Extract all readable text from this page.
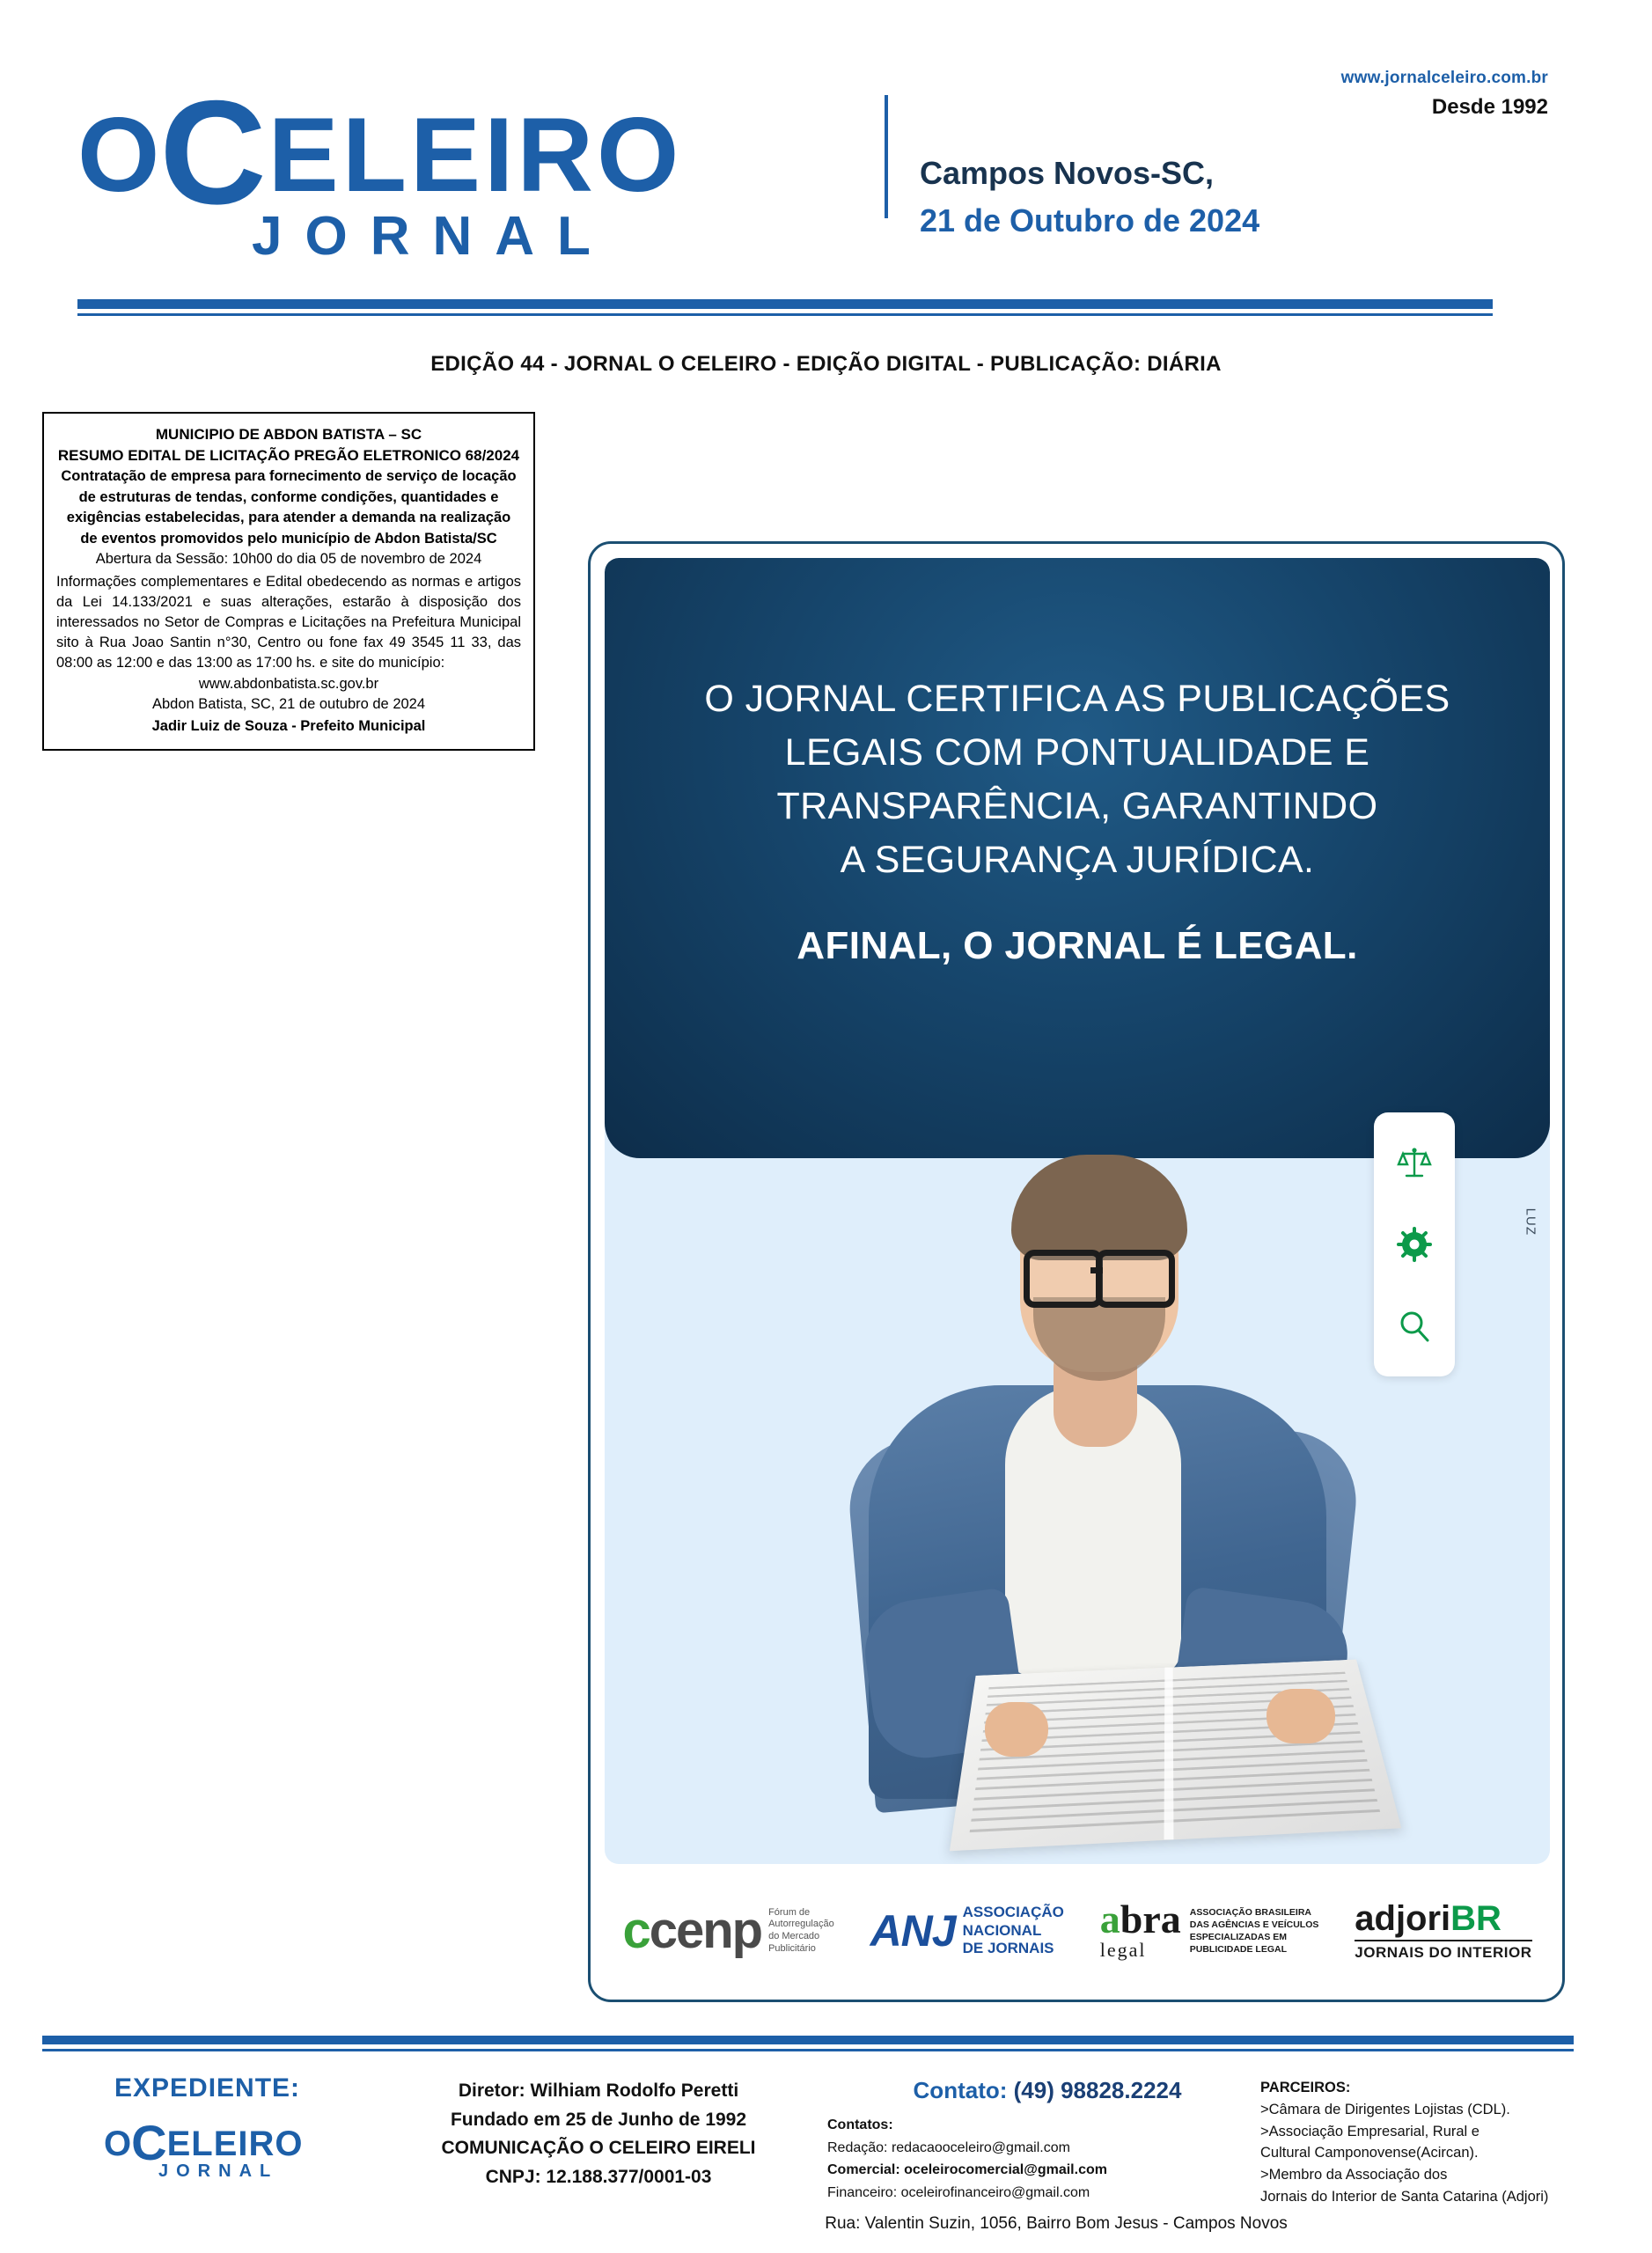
OCELEIRO
JORNAL
Campos Novos-SC,
21 de Outubro de 2024
www.jornalceleiro.com.br
Desde 1992
EDIÇÃO 44 - JORNAL O CELEIRO - EDIÇÃO DIGITAL - PUBLICAÇÃO: DIÁRIA
MUNICIPIO DE ABDON BATISTA – SC
RESUMO EDITAL DE LICITAÇÃO PREGÃO ELETRONICO 68/2024
Contratação de empresa para fornecimento de serviço de locação de estruturas de tendas, conforme condições, quantidades e exigências estabelecidas, para atender a demanda na realização de eventos promovidos pelo município de Abdon Batista/SC
Abertura da Sessão: 10h00 do dia 05 de novembro de 2024
Informações complementares e Edital obedecendo as normas e artigos da Lei 14.133/2021 e suas alterações, estarão à disposição dos interessados no Setor de Compras e Licitações na Prefeitura Municipal sito à Rua Joao Santin n°30, Centro ou fone fax 49 3545 11 33, das 08:00 as 12:00 e das 13:00 as 17:00 hs. e site do município:
www.abdonbatista.sc.gov.br
Abdon Batista, SC, 21 de outubro de 2024
Jadir Luiz de Souza - Prefeito Municipal
O JORNAL CERTIFICA AS PUBLICAÇÕES
LEGAIS COM PONTUALIDADE E
TRANSPARÊNCIA, GARANTINDO
A SEGURANÇA JURÍDICA.
AFINAL, O JORNAL É LEGAL.
LUZ
ccenp Fórum de
Autorregulação
do Mercado
Publicitário	ANJ ASSOCIAÇÃO
NACIONAL
DE JORNAIS
abra
legal
ASSOCIAÇÃO BRASILEIRA
DAS AGÊNCIAS E VEÍCULOS
ESPECIALIZADAS EM
PUBLICIDADE LEGAL
adjoriBR
JORNAIS DO INTERIOR
EXPEDIENTE:
OCELEIRO
JORNAL
Diretor: Wilhiam Rodolfo Peretti
Fundado em 25 de Junho de 1992
COMUNICAÇÃO O CELEIRO EIRELI
CNPJ: 12.188.377/0001-03
Contato: (49) 98828.2224
Contatos:
Redação: redacaooceleiro@gmail.com
Comercial: oceleirocomercial@gmail.com
Financeiro: oceleirofinanceiro@gmail.com
Rua: Valentin Suzin, 1056, Bairro Bom Jesus - Campos Novos
PARCEIROS:
>Câmara de Dirigentes Lojistas (CDL).
>Associação Empresarial, Rural e
Cultural Camponovense(Acircan).
>Membro da Associação dos
Jornais do Interior de Santa Catarina (Adjori)
